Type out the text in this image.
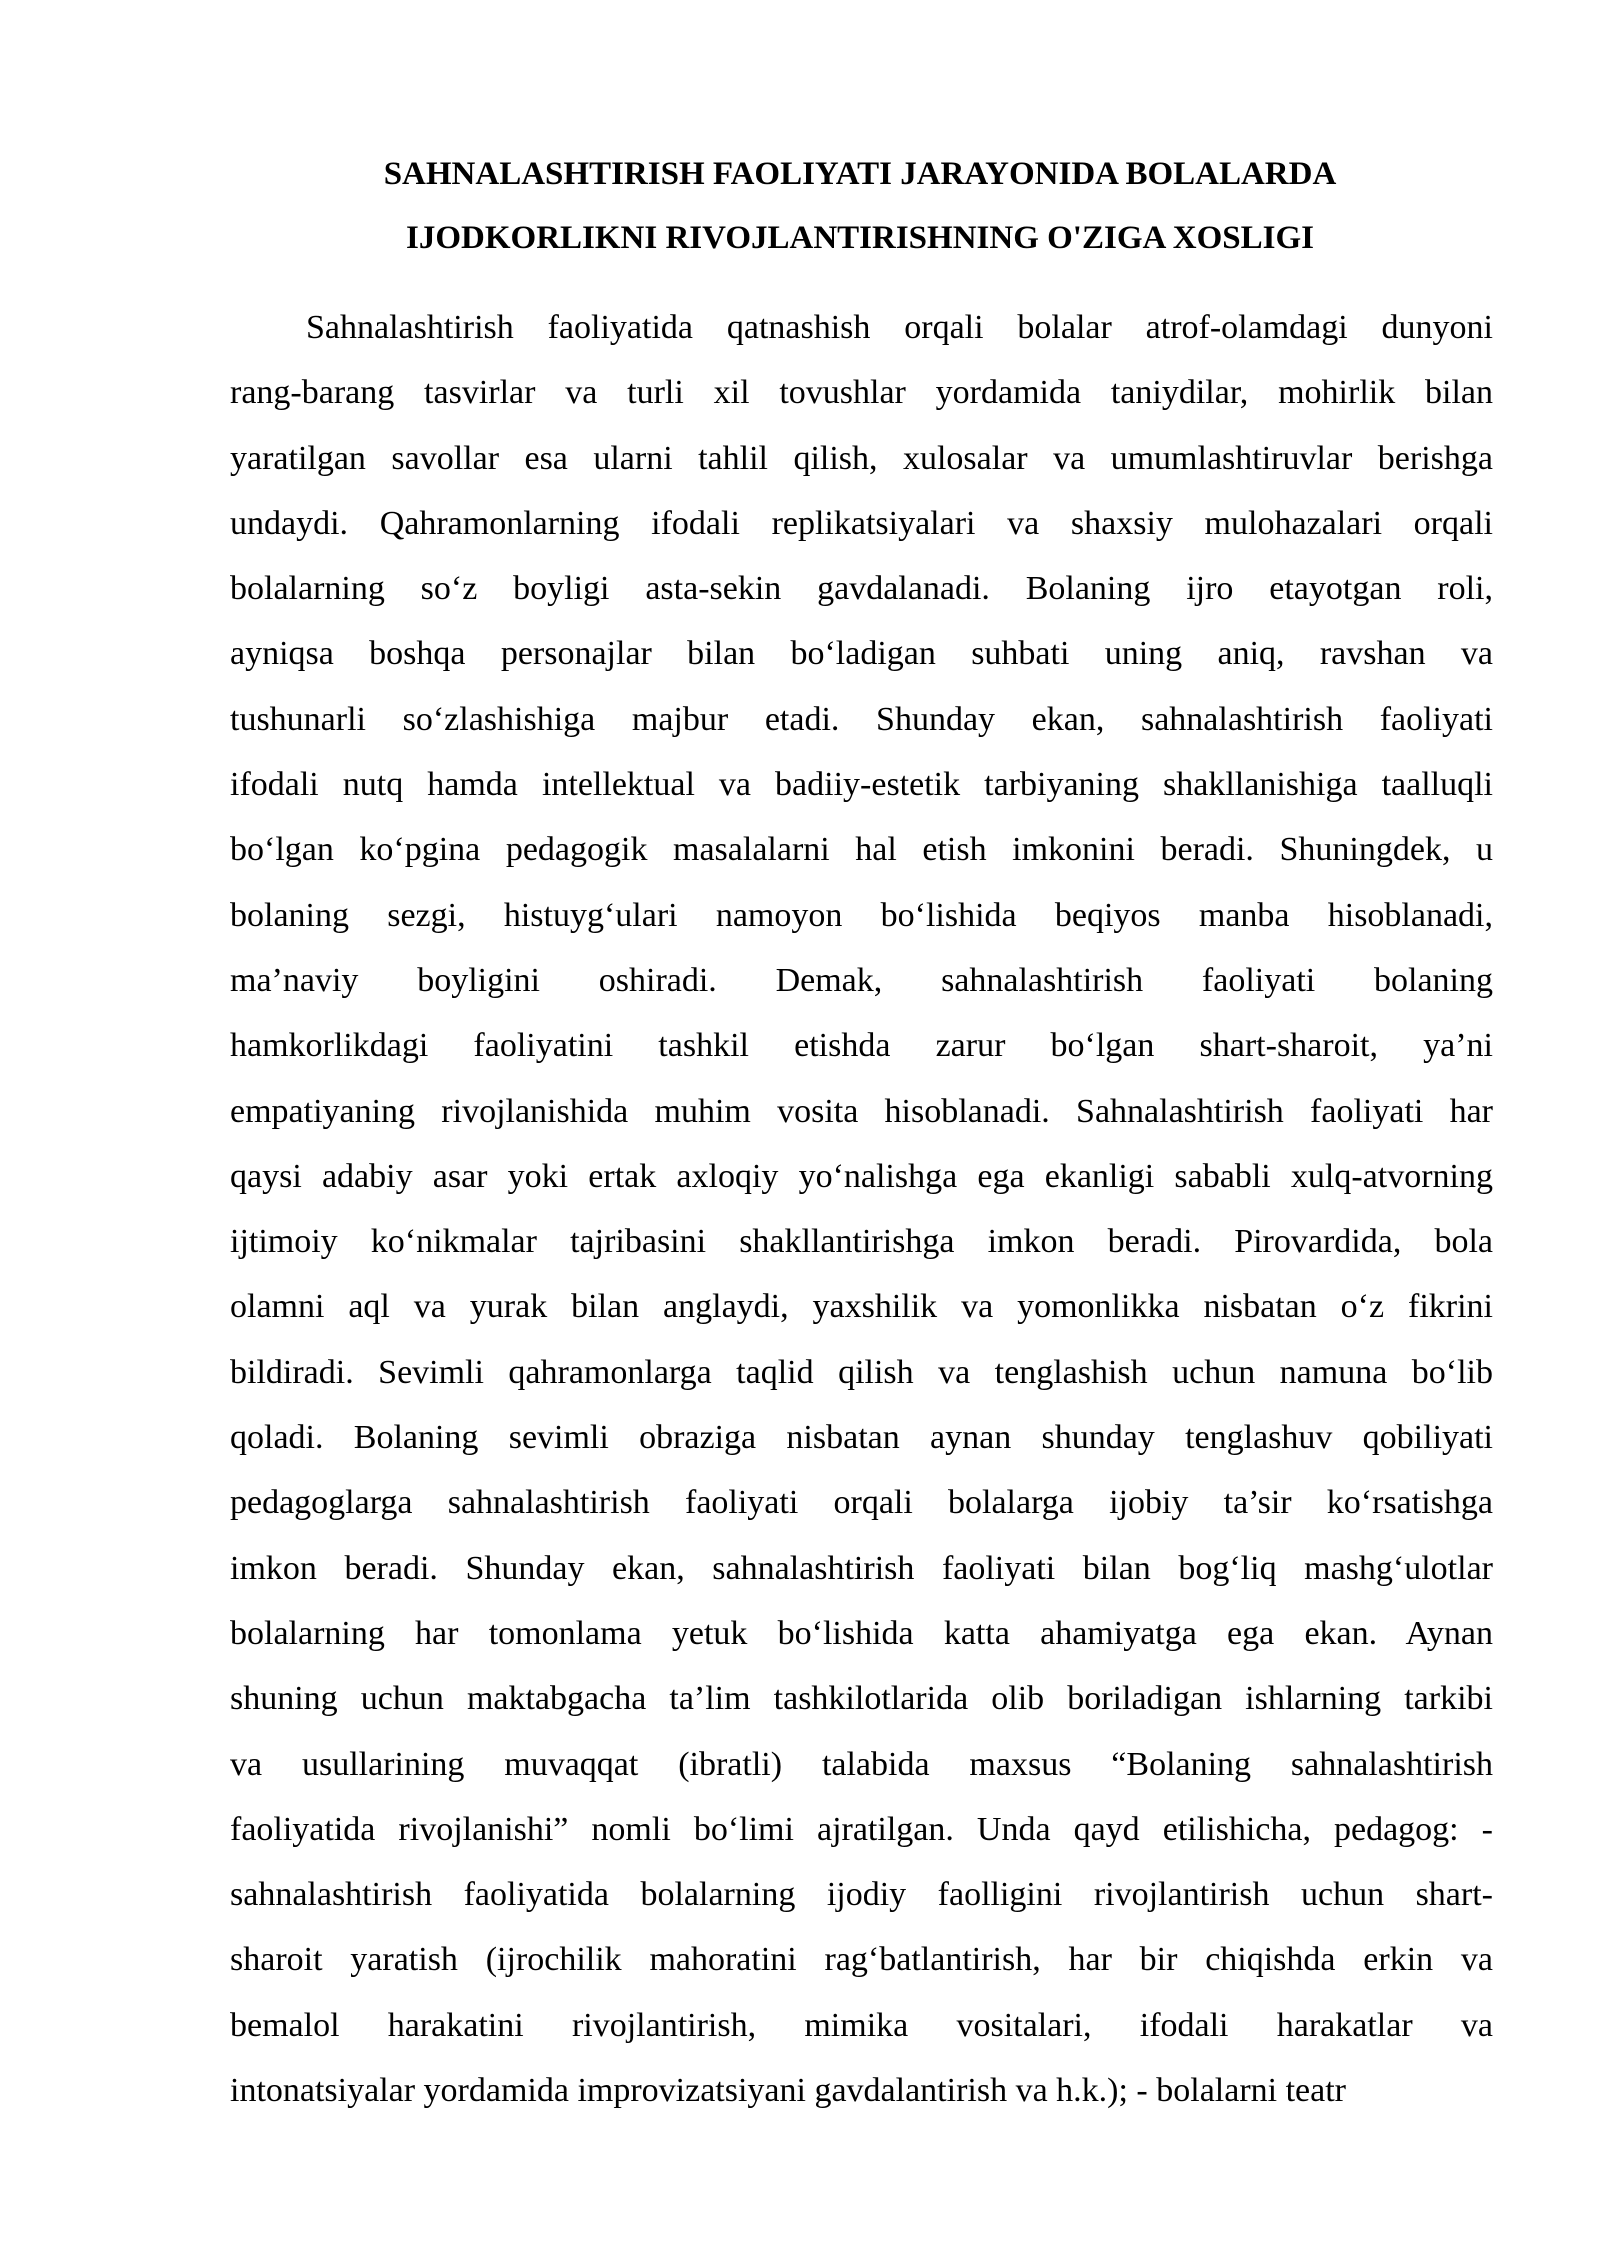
SAHNALASHTIRISH FAOLIYATI JARAYONIDA BOLALARDA
IJODKORLIKNI RIVOJLANTIRISHNING O'ZIGA XOSLIGI
Sahnalashtirish faoliyatida qatnashish orqali bolalar atrof-olamdagi dunyoni
rang-barang tasvirlar va turli xil tovushlar yordamida taniydilar, mohirlik bilan
yaratilgan savollar esa ularni tahlil qilish, xulosalar va umumlashtiruvlar berishga
undaydi. Qahramonlarning ifodali replikatsiyalari va shaxsiy mulohazalari orqali
bolalarning so‘z boyligi asta-sekin gavdalanadi. Bolaning ijro etayotgan roli,
ayniqsa boshqa personajlar bilan bo‘ladigan suhbati uning aniq, ravshan va
tushunarli so‘zlashishiga majbur etadi. Shunday ekan, sahnalashtirish faoliyati
ifodali nutq hamda intellektual va badiiy-estetik tarbiyaning shakllanishiga taalluqli
bo‘lgan ko‘pgina pedagogik masalalarni hal etish imkonini beradi. Shuningdek, u
bolaning sezgi, histuyg‘ulari namoyon bo‘lishida beqiyos manba hisoblanadi,
ma’naviy boyligini oshiradi. Demak, sahnalashtirish faoliyati bolaning
hamkorlikdagi faoliyatini tashkil etishda zarur bo‘lgan shart-sharoit, ya’ni
empatiyaning rivojlanishida muhim vosita hisoblanadi. Sahnalashtirish faoliyati har
qaysi adabiy asar yoki ertak axloqiy yo‘nalishga ega ekanligi sababli xulq-atvorning
ijtimoiy ko‘nikmalar tajribasini shakllantirishga imkon beradi. Pirovardida, bola
olamni aql va yurak bilan anglaydi, yaxshilik va yomonlikka nisbatan o‘z fikrini
bildiradi. Sevimli qahramonlarga taqlid qilish va tenglashish uchun namuna bo‘lib
qoladi. Bolaning sevimli obraziga nisbatan aynan shunday tenglashuv qobiliyati
pedagoglarga sahnalashtirish faoliyati orqali bolalarga ijobiy ta’sir ko‘rsatishga
imkon beradi. Shunday ekan, sahnalashtirish faoliyati bilan bog‘liq mashg‘ulotlar
bolalarning har tomonlama yetuk bo‘lishida katta ahamiyatga ega ekan. Aynan
shuning uchun maktabgacha ta’lim tashkilotlarida olib boriladigan ishlarning tarkibi
va usullarining muvaqqat (ibratli) talabida maxsus “Bolaning sahnalashtirish
faoliyatida rivojlanishi” nomli bo‘limi ajratilgan. Unda qayd etilishicha, pedagog: -
sahnalashtirish faoliyatida bolalarning ijodiy faolligini rivojlantirish uchun shart-
sharoit yaratish (ijrochilik mahoratini rag‘batlantirish, har bir chiqishda erkin va
bemalol harakatini rivojlantirish, mimika vositalari, ifodali harakatlar va
intonatsiyalar yordamida improvizatsiyani gavdalantirish va h.k.); - bolalarni teatr
